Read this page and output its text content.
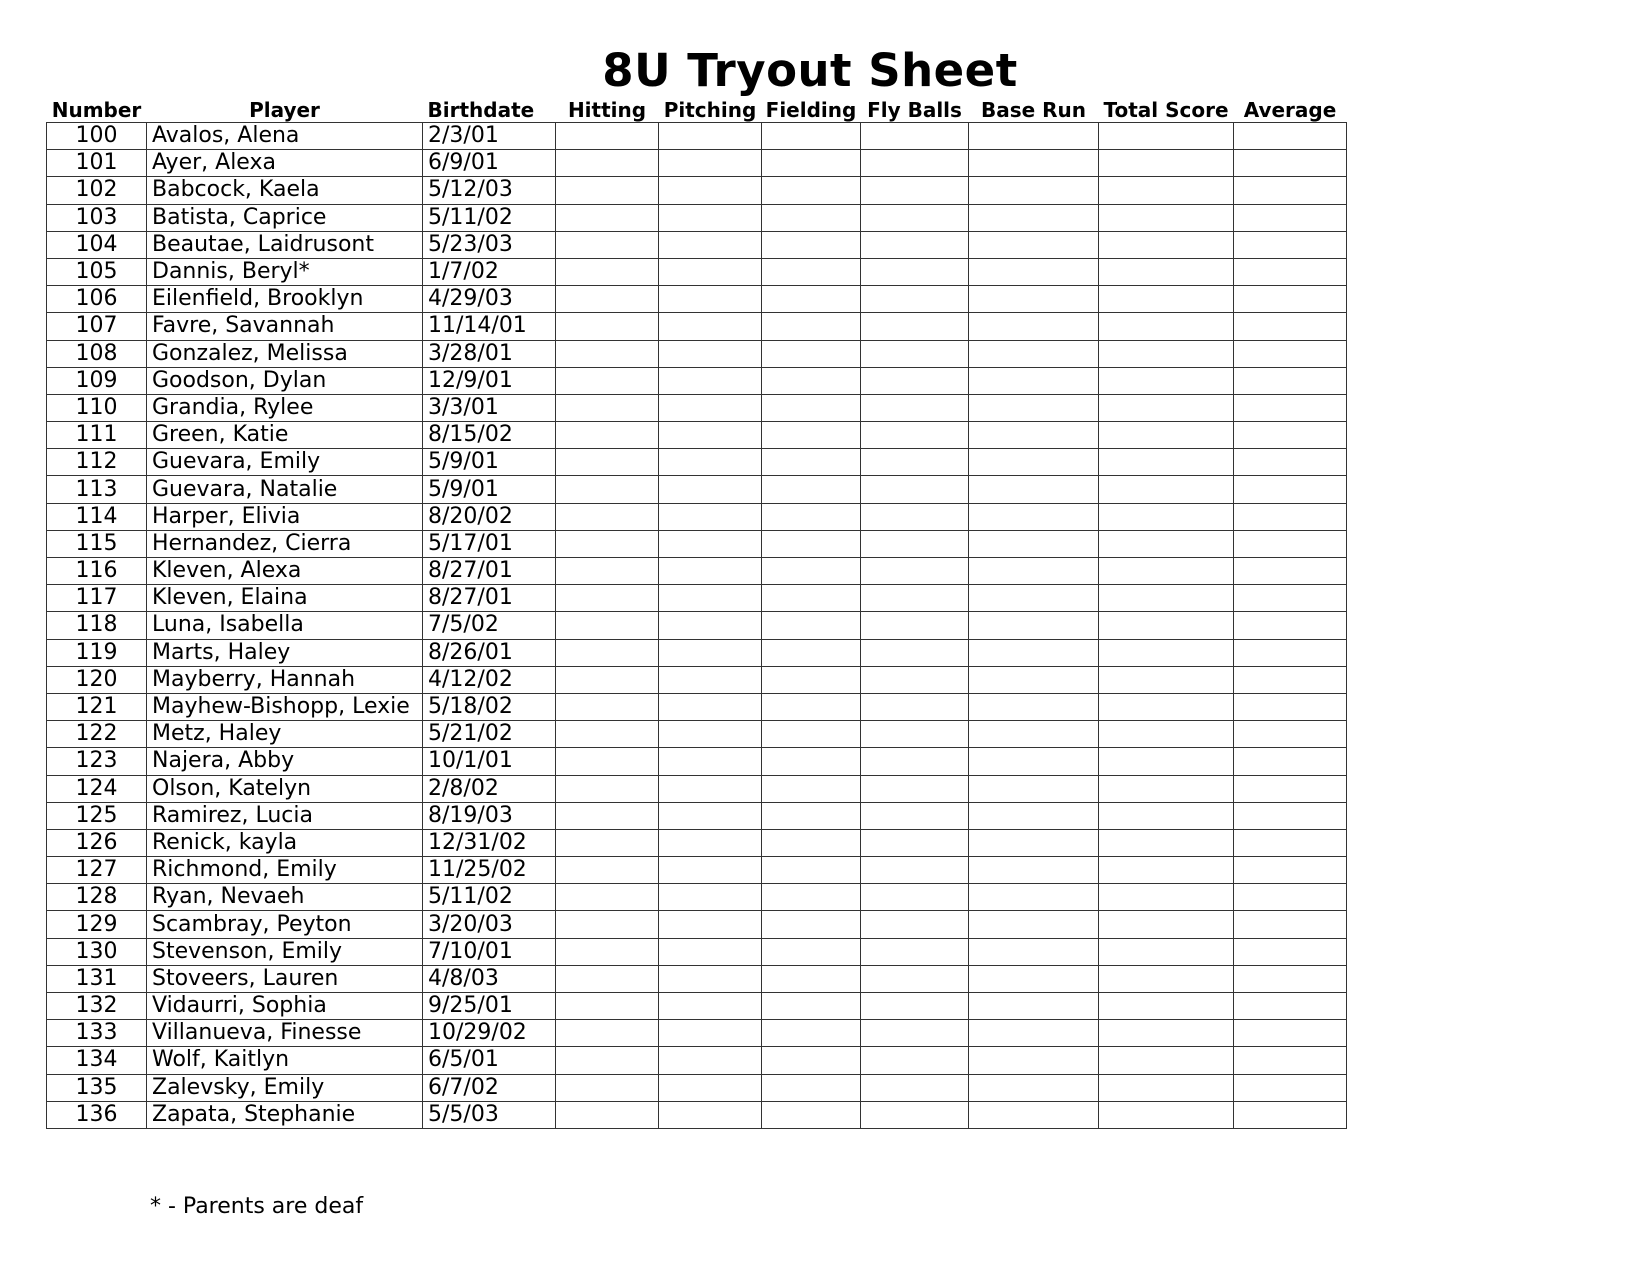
8U Tryout Sheet
Number	Player	Birthdate	Hitting	Pitching	Fielding	Fly Balls	Base Run	Total Score	Average
100	Avalos, Alena	2/3/01							
101	Ayer, Alexa	6/9/01							
102	Babcock, Kaela	5/12/03							
103	Batista, Caprice	5/11/02							
104	Beautae, Laidrusont	5/23/03							
105	Dannis, Beryl*	1/7/02							
106	Eilenfield, Brooklyn	4/29/03							
107	Favre, Savannah	11/14/01							
108	Gonzalez, Melissa	3/28/01							
109	Goodson, Dylan	12/9/01							
110	Grandia, Rylee	3/3/01							
111	Green, Katie	8/15/02							
112	Guevara, Emily	5/9/01							
113	Guevara, Natalie	5/9/01							
114	Harper, Elivia	8/20/02							
115	Hernandez, Cierra	5/17/01							
116	Kleven, Alexa	8/27/01							
117	Kleven, Elaina	8/27/01							
118	Luna, Isabella	7/5/02							
119	Marts, Haley	8/26/01							
120	Mayberry, Hannah	4/12/02							
121	Mayhew-Bishopp, Lexie	5/18/02							
122	Metz, Haley	5/21/02							
123	Najera, Abby	10/1/01							
124	Olson, Katelyn	2/8/02							
125	Ramirez, Lucia	8/19/03							
126	Renick, kayla	12/31/02							
127	Richmond, Emily	11/25/02							
128	Ryan, Nevaeh	5/11/02							
129	Scambray, Peyton	3/20/03							
130	Stevenson, Emily	7/10/01							
131	Stoveers, Lauren	4/8/03							
132	Vidaurri, Sophia	9/25/01							
133	Villanueva, Finesse	10/29/02							
134	Wolf, Kaitlyn	6/5/01							
135	Zalevsky, Emily	6/7/02							
136	Zapata, Stephanie	5/5/03							
* - Parents are deaf
